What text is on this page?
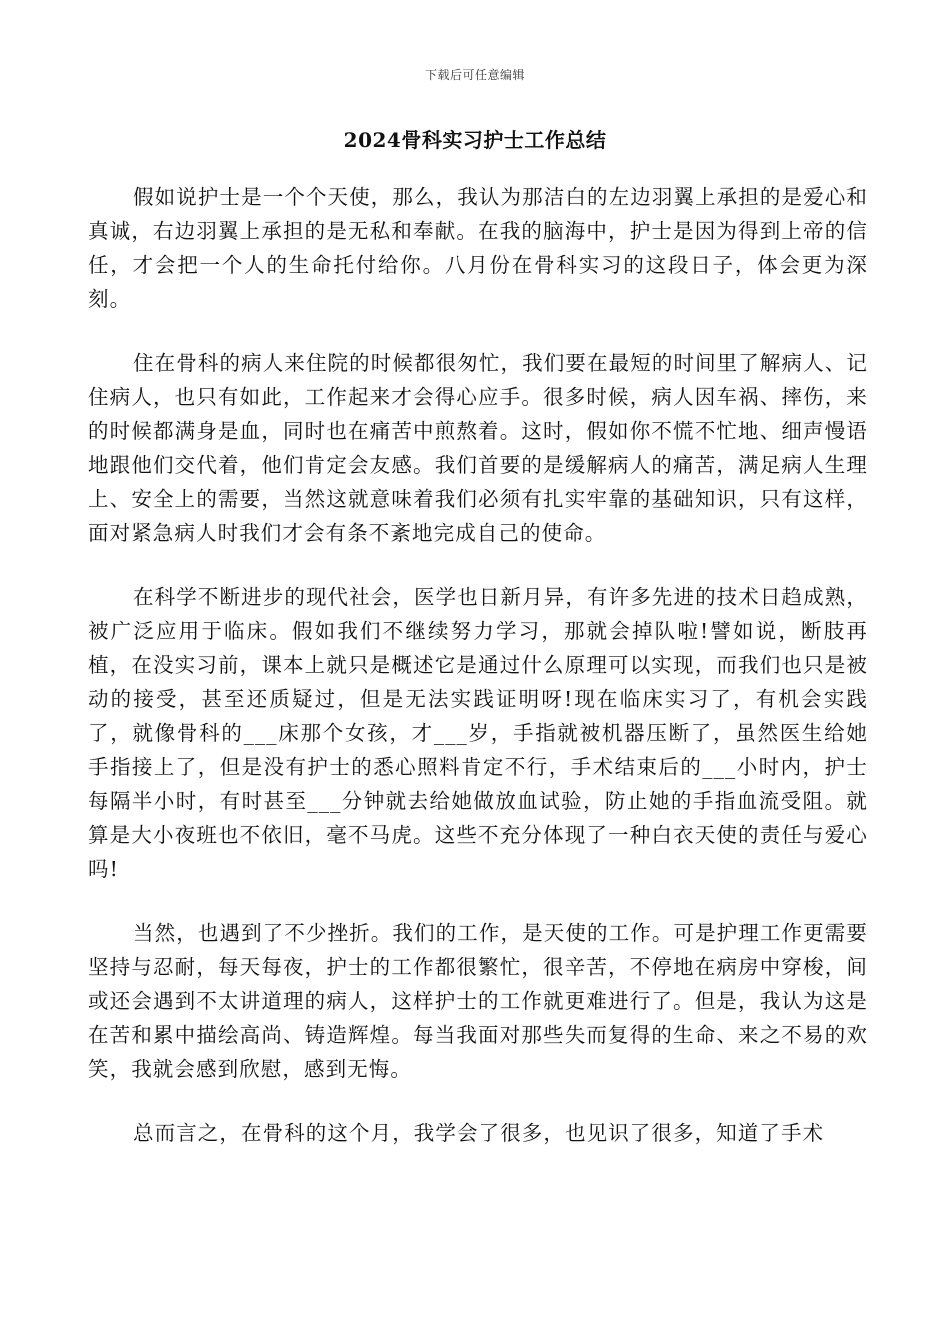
下载后可任意编辑
2024骨科实习护士工作总结

假如说护士是一个个天使，那么，我认为那洁白的左边羽翼上承担的是爱心和真诚，右边羽翼上承担的是无私和奉献。在我的脑海中，护士是因为得到上帝的信任，才会把一个人的生命托付给你。八月份在骨科实习的这段日子，体会更为深刻。

住在骨科的病人来住院的时候都很匆忙，我们要在最短的时间里了解病人、记住病人，也只有如此，工作起来才会得心应手。很多时候，病人因车祸、摔伤，来的时候都满身是血，同时也在痛苦中煎熬着。这时，假如你不慌不忙地、细声慢语地跟他们交代着，他们肯定会友感。我们首要的是缓解病人的痛苦，满足病人生理上、安全上的需要，当然这就意味着我们必须有扎实牢靠的基础知识，只有这样，面对紧急病人时我们才会有条不紊地完成自己的使命。

在科学不断进步的现代社会，医学也日新月异，有许多先进的技术日趋成熟，被广泛应用于临床。假如我们不继续努力学习，那就会掉队啦!譬如说，断肢再植，在没实习前，课本上就只是概述它是通过什么原理可以实现，而我们也只是被动的接受，甚至还质疑过，但是无法实践证明呀!现在临床实习了，有机会实践了，就像骨科的___床那个女孩，才___岁，手指就被机器压断了，虽然医生给她手指接上了，但是没有护士的悉心照料肯定不行，手术结束后的___小时内，护士每隔半小时，有时甚至___分钟就去给她做放血试验，防止她的手指血流受阻。就算是大小夜班也不依旧，毫不马虎。这些不充分体现了一种白衣天使的责任与爱心吗!

当然，也遇到了不少挫折。我们的工作，是天使的工作。可是护理工作更需要坚持与忍耐，每天每夜，护士的工作都很繁忙，很辛苦，不停地在病房中穿梭，间或还会遇到不太讲道理的病人，这样护士的工作就更难进行了。但是，我认为这是在苦和累中描绘高尚、铸造辉煌。每当我面对那些失而复得的生命、来之不易的欢笑，我就会感到欣慰，感到无悔。

总而言之，在骨科的这个月，我学会了很多，也见识了很多，知道了手术
